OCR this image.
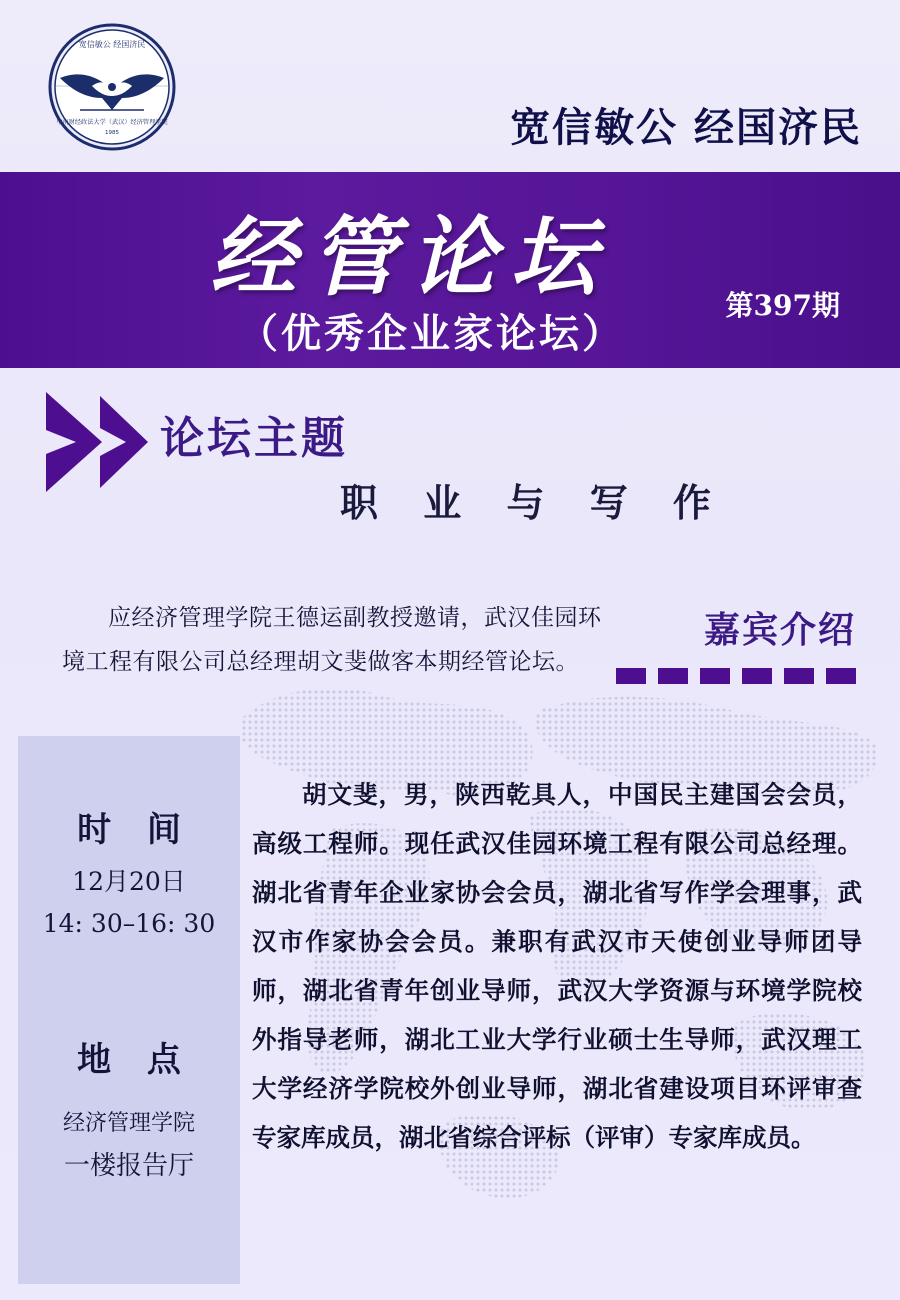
宽信敏公 经国济民
中南财经政法大学（武汉）经济管理学院
1985	宽信敏公 经国济民
经管论坛	第397期
（优秀企业家论坛）
论坛主题
职 业 与 写 作
应经济管理学院王德运副教授邀请，武汉佳园环境工程有限公司总经理胡文斐做客本期经管论坛。
嘉宾介绍
时 间
12月20日
14: 30–16: 30
地 点
经济管理学院
一楼报告厅
胡文斐，男，陕西乾具人，中国民主建国会会员，高级工程师。现任武汉佳园环境工程有限公司总经理。湖北省青年企业家协会会员，湖北省写作学会理事，武汉市作家协会会员。兼职有武汉市天使创业导师团导师，湖北省青年创业导师，武汉大学资源与环境学院校外指导老师，湖北工业大学行业硕士生导师，武汉理工大学经济学院校外创业导师，湖北省建设项目环评审查专家库成员，湖北省综合评标（评审）专家库成员。
